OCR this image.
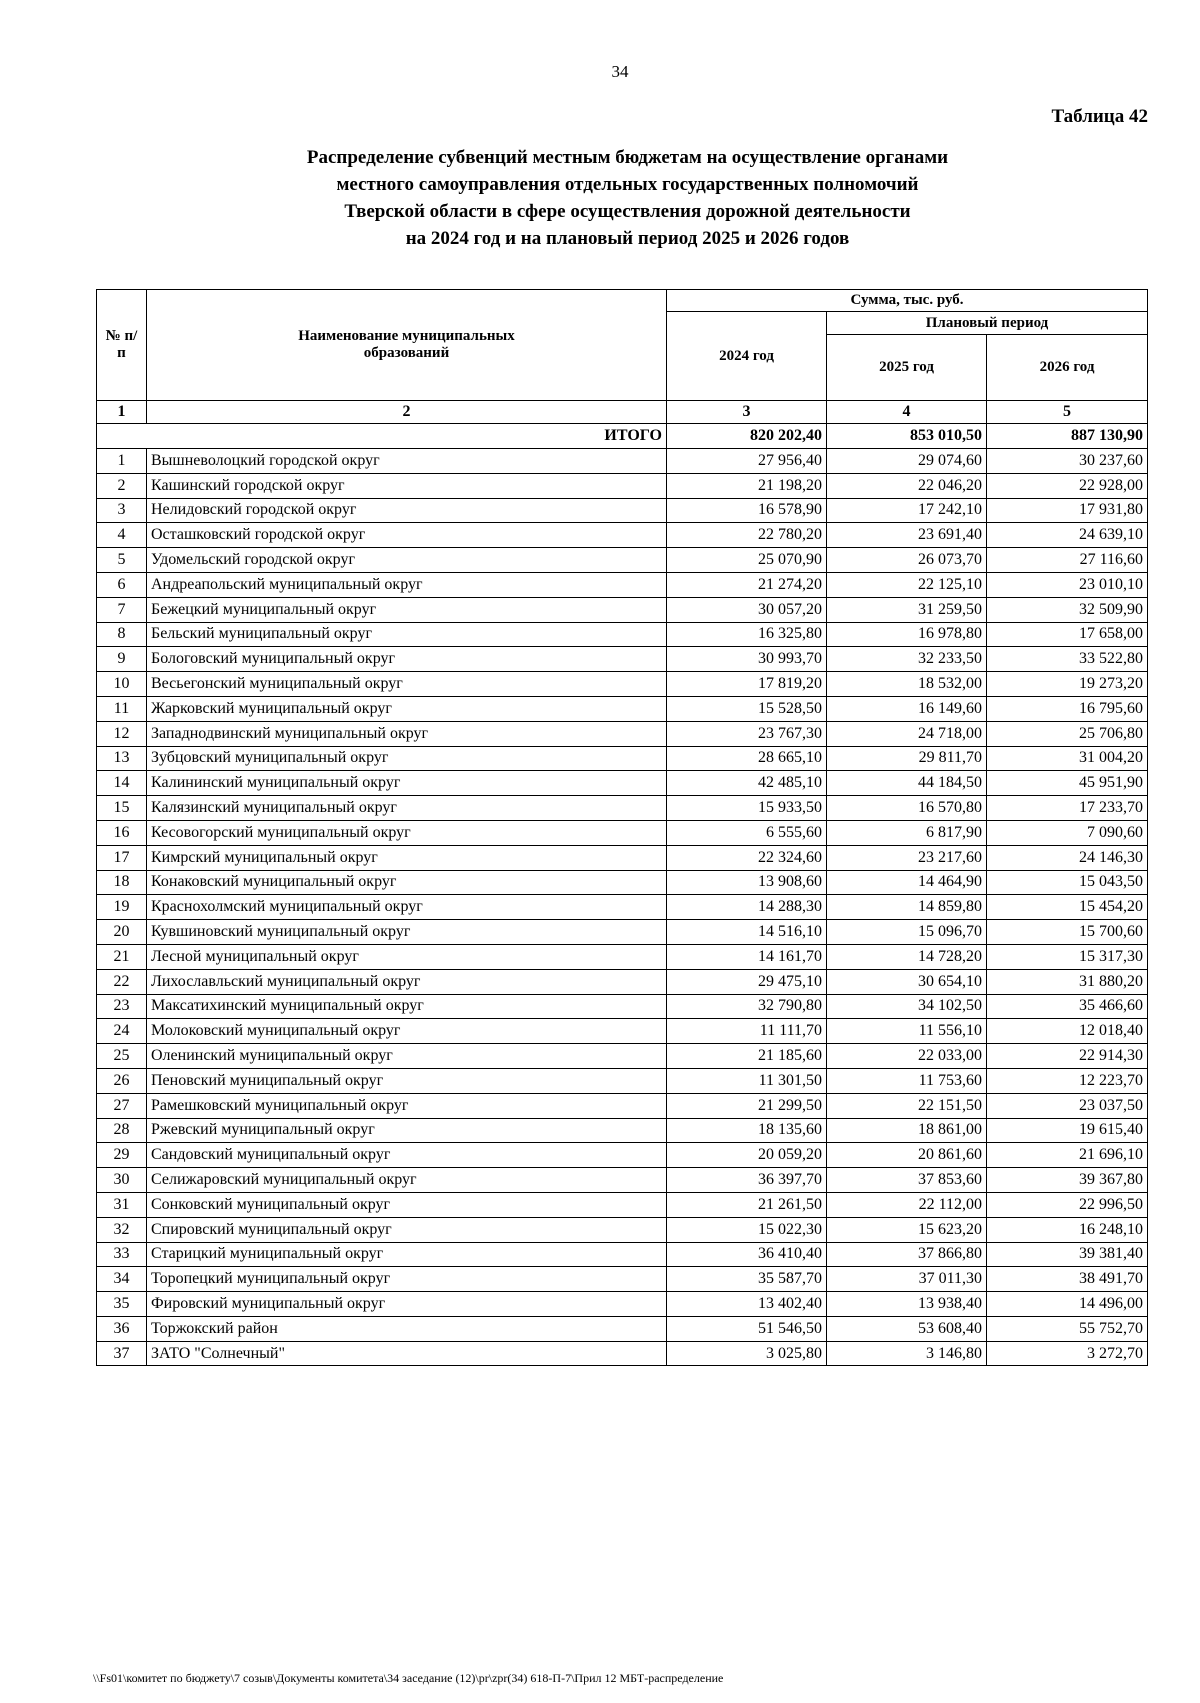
34
Таблица 42
Распределение субвенций местным бюджетам на осуществление органами
местного самоуправления отдельных государственных полномочий
Тверской области в сфере осуществления дорожной деятельности
на 2024 год и на плановый период 2025 и 2026 годов
№ п/п	Наименование муниципальных образований	Сумма, тыс. руб.		
		2024 год	Плановый период	
			2025 год	2026 год
1	2	3	4	5
ИТОГО		820 202,40	853 010,50	887 130,90
1	Вышневолоцкий городской округ	27 956,40	29 074,60	30 237,60
2	Кашинский городской округ	21 198,20	22 046,20	22 928,00
3	Нелидовский городской округ	16 578,90	17 242,10	17 931,80
4	Осташковский городской округ	22 780,20	23 691,40	24 639,10
5	Удомельский городской округ	25 070,90	26 073,70	27 116,60
6	Андреапольский муниципальный округ	21 274,20	22 125,10	23 010,10
7	Бежецкий муниципальный округ	30 057,20	31 259,50	32 509,90
8	Бельский муниципальный округ	16 325,80	16 978,80	17 658,00
9	Бологовский муниципальный округ	30 993,70	32 233,50	33 522,80
10	Весьегонский муниципальный округ	17 819,20	18 532,00	19 273,20
11	Жарковский муниципальный округ	15 528,50	16 149,60	16 795,60
12	Западнодвинский муниципальный округ	23 767,30	24 718,00	25 706,80
13	Зубцовский муниципальный округ	28 665,10	29 811,70	31 004,20
14	Калининский муниципальный округ	42 485,10	44 184,50	45 951,90
15	Калязинский муниципальный округ	15 933,50	16 570,80	17 233,70
16	Кесовогорский муниципальный округ	6 555,60	6 817,90	7 090,60
17	Кимрский муниципальный округ	22 324,60	23 217,60	24 146,30
18	Конаковский муниципальный округ	13 908,60	14 464,90	15 043,50
19	Краснохолмский муниципальный округ	14 288,30	14 859,80	15 454,20
20	Кувшиновский муниципальный округ	14 516,10	15 096,70	15 700,60
21	Лесной муниципальный округ	14 161,70	14 728,20	15 317,30
22	Лихославльский муниципальный округ	29 475,10	30 654,10	31 880,20
23	Максатихинский муниципальный округ	32 790,80	34 102,50	35 466,60
24	Молоковский муниципальный округ	11 111,70	11 556,10	12 018,40
25	Оленинский муниципальный округ	21 185,60	22 033,00	22 914,30
26	Пеновский муниципальный округ	11 301,50	11 753,60	12 223,70
27	Рамешковский муниципальный округ	21 299,50	22 151,50	23 037,50
28	Ржевский муниципальный округ	18 135,60	18 861,00	19 615,40
29	Сандовский муниципальный округ	20 059,20	20 861,60	21 696,10
30	Селижаровский муниципальный округ	36 397,70	37 853,60	39 367,80
31	Сонковский муниципальный округ	21 261,50	22 112,00	22 996,50
32	Спировский муниципальный округ	15 022,30	15 623,20	16 248,10
33	Старицкий муниципальный округ	36 410,40	37 866,80	39 381,40
34	Торопецкий муниципальный округ	35 587,70	37 011,30	38 491,70
35	Фировский муниципальный округ	13 402,40	13 938,40	14 496,00
36	Торжокский район	51 546,50	53 608,40	55 752,70
37	ЗАТО "Солнечный"	3 025,80	3 146,80	3 272,70
\\Fs01\комитет по бюджету\7 созыв\Документы комитета\34 заседание (12)\pr\zpr(34) 618-П-7\Прил 12 МБТ-распределение
